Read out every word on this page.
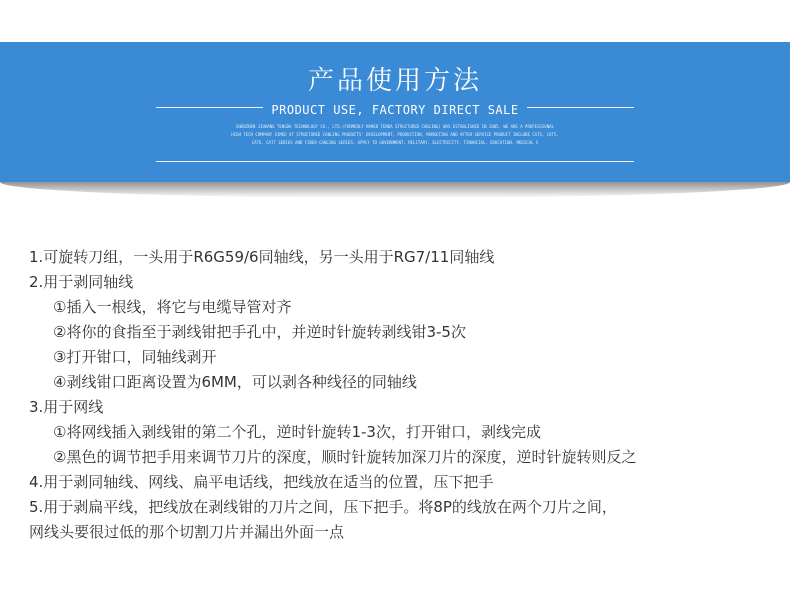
产品使用方法
PRODUCT USE, FACTORY DIRECT SALE
SHENZHEN JIUHANG TENGDA TECHNOLOGY CO., LTD.(FORMERLY NAMED TENDA STRUCTURED CABLING) WAS ESTABLISHED IN 2005. WE ARE A PROFESSIONAL
HIGH TECH COMPANY AIMED AT STRUCTURED CABLING PRODUCTS' DEVELOPMENT, PRODUCTION, MARKETING AND AFTER SERVICE PRODUCT INCLUDE CAT5, CAT5,
CAT6, CAT7 SERIES AND FIBER CABLING SERIES, APPLY TO GOVERNMENT, MILITARY, ELECTRICITY, FINANCIAL, EDUCATION, MEDICAL S
1.可旋转刀组，一头用于R6G59/6同轴线，另一头用于RG7/11同轴线
2.用于剥同轴线
①插入一根线，将它与电缆导管对齐
②将你的食指至于剥线钳把手孔中，并逆时针旋转剥线钳3-5次
③打开钳口，同轴线剥开
④剥线钳口距离设置为6MM，可以剥各种线径的同轴线
3.用于网线
①将网线插入剥线钳的第二个孔，逆时针旋转1-3次，打开钳口，剥线完成
②黑色的调节把手用来调节刀片的深度，顺时针旋转加深刀片的深度，逆时针旋转则反之
4.用于剥同轴线、网线、扁平电话线，把线放在适当的位置，压下把手
5.用于剥扁平线，把线放在剥线钳的刀片之间，压下把手。将8P的线放在两个刀片之间，
网线头要很过低的那个切割刀片并漏出外面一点
